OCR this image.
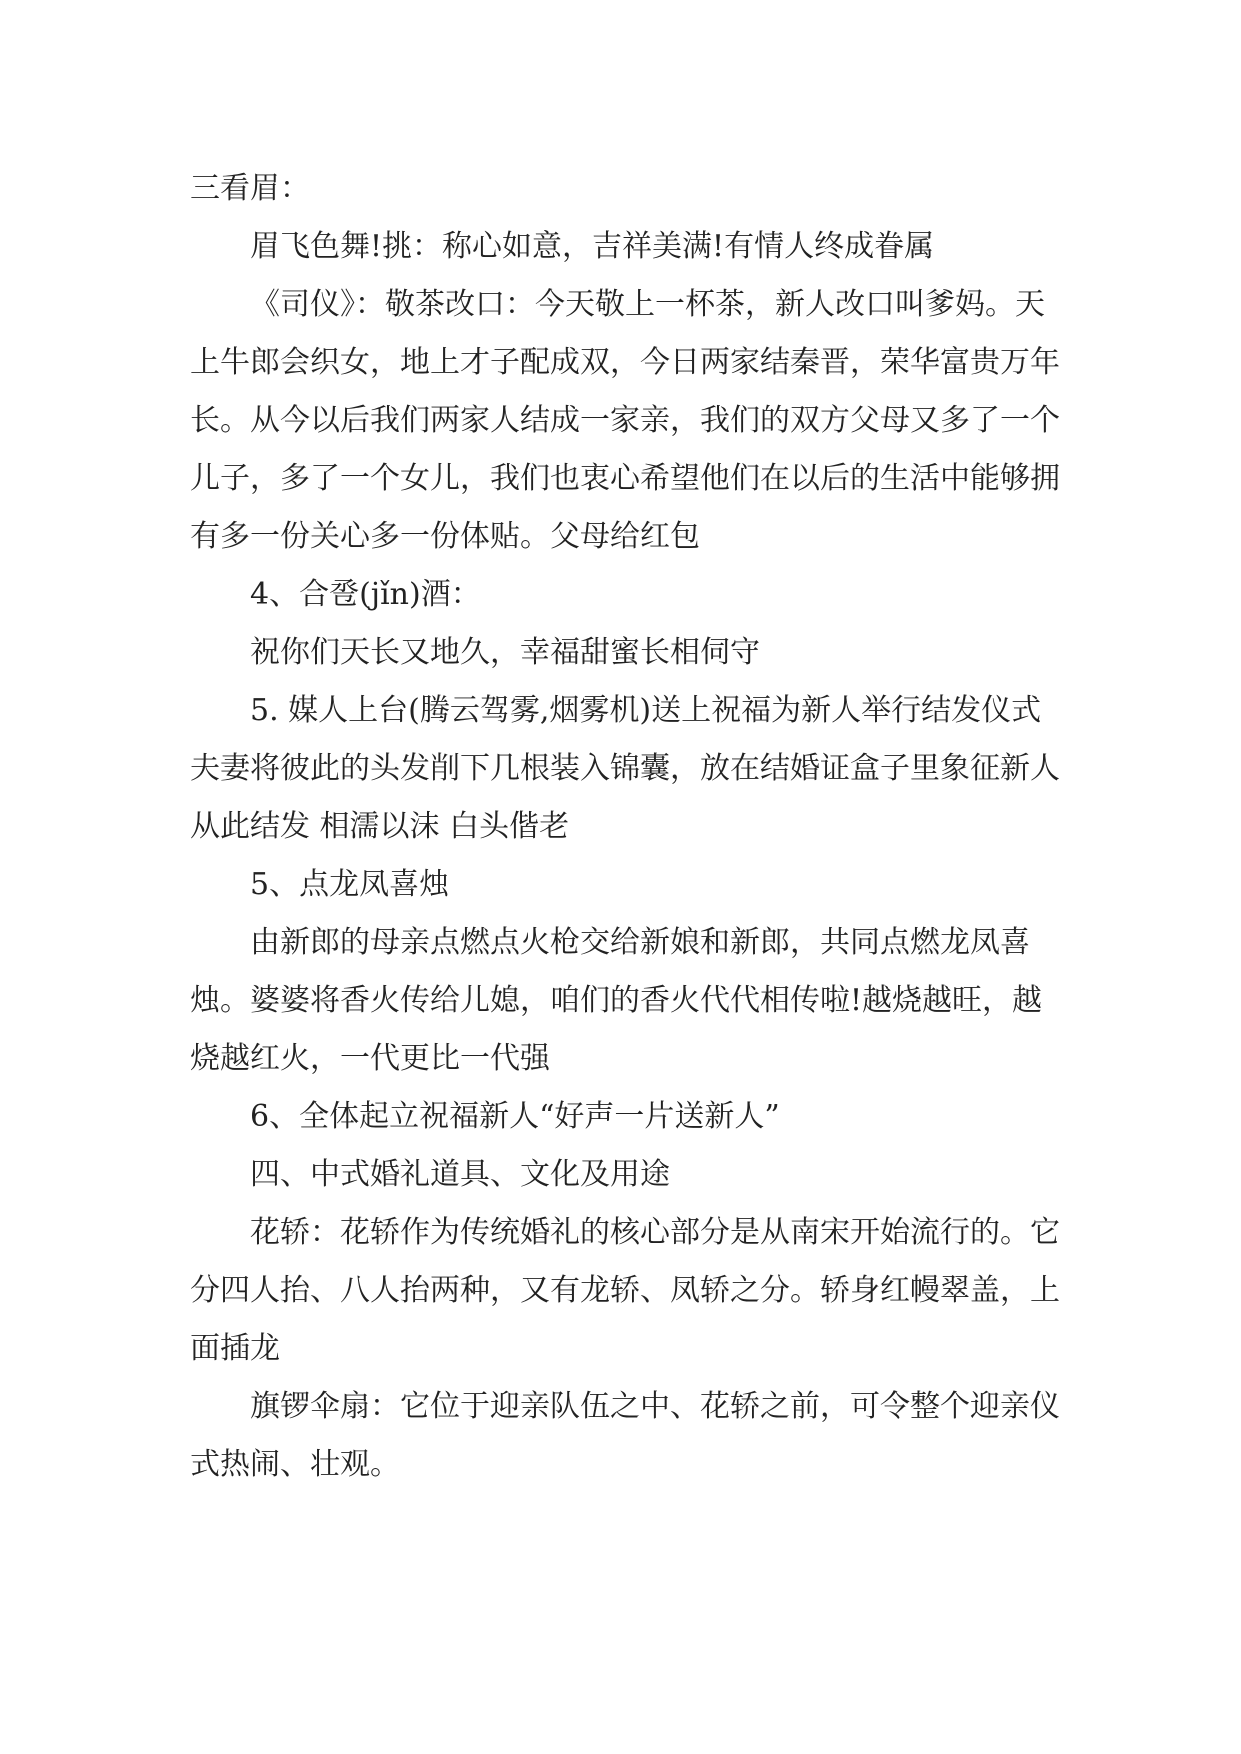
三看眉：

眉飞色舞!挑：称心如意，吉祥美满!有情人终成眷属

《司仪》：敬茶改口：今天敬上一杯茶，新人改口叫爹妈。天上牛郎会织女，地上才子配成双，今日两家结秦晋，荣华富贵万年长。从今以后我们两家人结成一家亲，我们的双方父母又多了一个儿子，多了一个女儿，我们也衷心希望他们在以后的生活中能够拥有多一份关心多一份体贴。父母给红包

4、合卺(jǐn)酒：

祝你们天长又地久，幸福甜蜜长相伺守

5. 媒人上台(腾云驾雾,烟雾机)送上祝福为新人举行结发仪式夫妻将彼此的头发削下几根装入锦囊，放在结婚证盒子里象征新人从此结发 相濡以沫 白头偕老

5、点龙凤喜烛

由新郎的母亲点燃点火枪交给新娘和新郎，共同点燃龙凤喜烛。婆婆将香火传给儿媳，咱们的香火代代相传啦!越烧越旺，越烧越红火，一代更比一代强

6、全体起立祝福新人“好声一片送新人”

四、中式婚礼道具、文化及用途

花轿：花轿作为传统婚礼的核心部分是从南宋开始流行的。它分四人抬、八人抬两种，又有龙轿、凤轿之分。轿身红幔翠盖，上面插龙

旗锣伞扇：它位于迎亲队伍之中、花轿之前，可令整个迎亲仪式热闹、壮观。
